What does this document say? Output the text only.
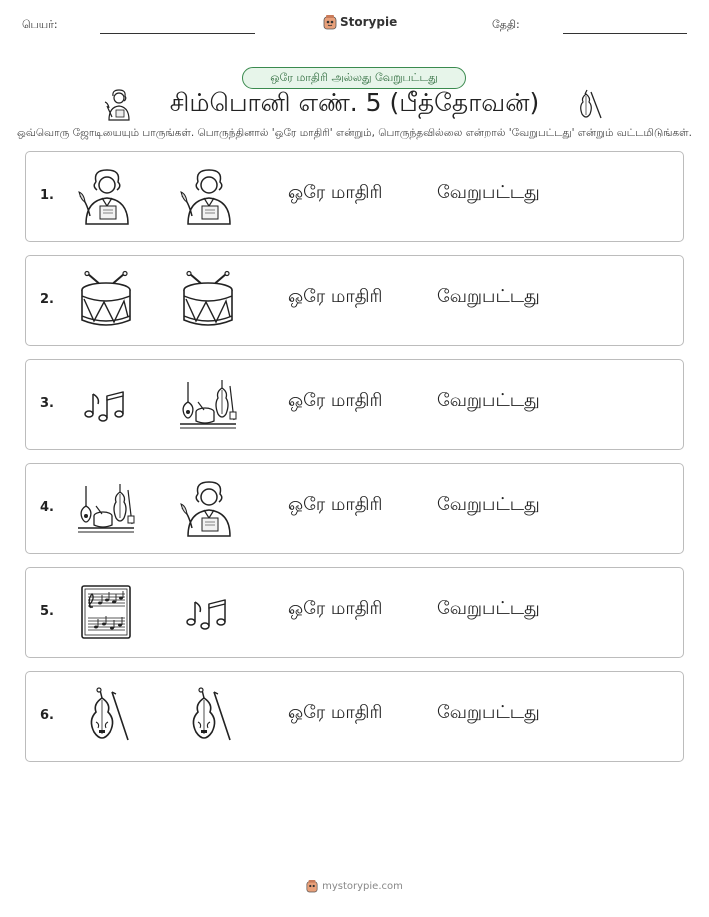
பெயர்:	Storypie	தேதி:
ஒரே மாதிரி அல்லது வேறுபட்டது
சிம்பொனி எண். 5 (பீத்தோவன்)
ஒவ்வொரு ஜோடியையும் பாருங்கள். பொருந்தினால் 'ஒரே மாதிரி' என்றும், பொருந்தவில்லை என்றால் 'வேறுபட்டது' என்றும் வட்டமிடுங்கள்.
1.	ஒரே மாதிரி	வேறுபட்டது
2.	ஒரே மாதிரி	வேறுபட்டது
3.	ஒரே மாதிரி	வேறுபட்டது
4.	ஒரே மாதிரி	வேறுபட்டது
5.	ஒரே மாதிரி	வேறுபட்டது
6.	ஒரே மாதிரி	வேறுபட்டது
mystorypie.com
